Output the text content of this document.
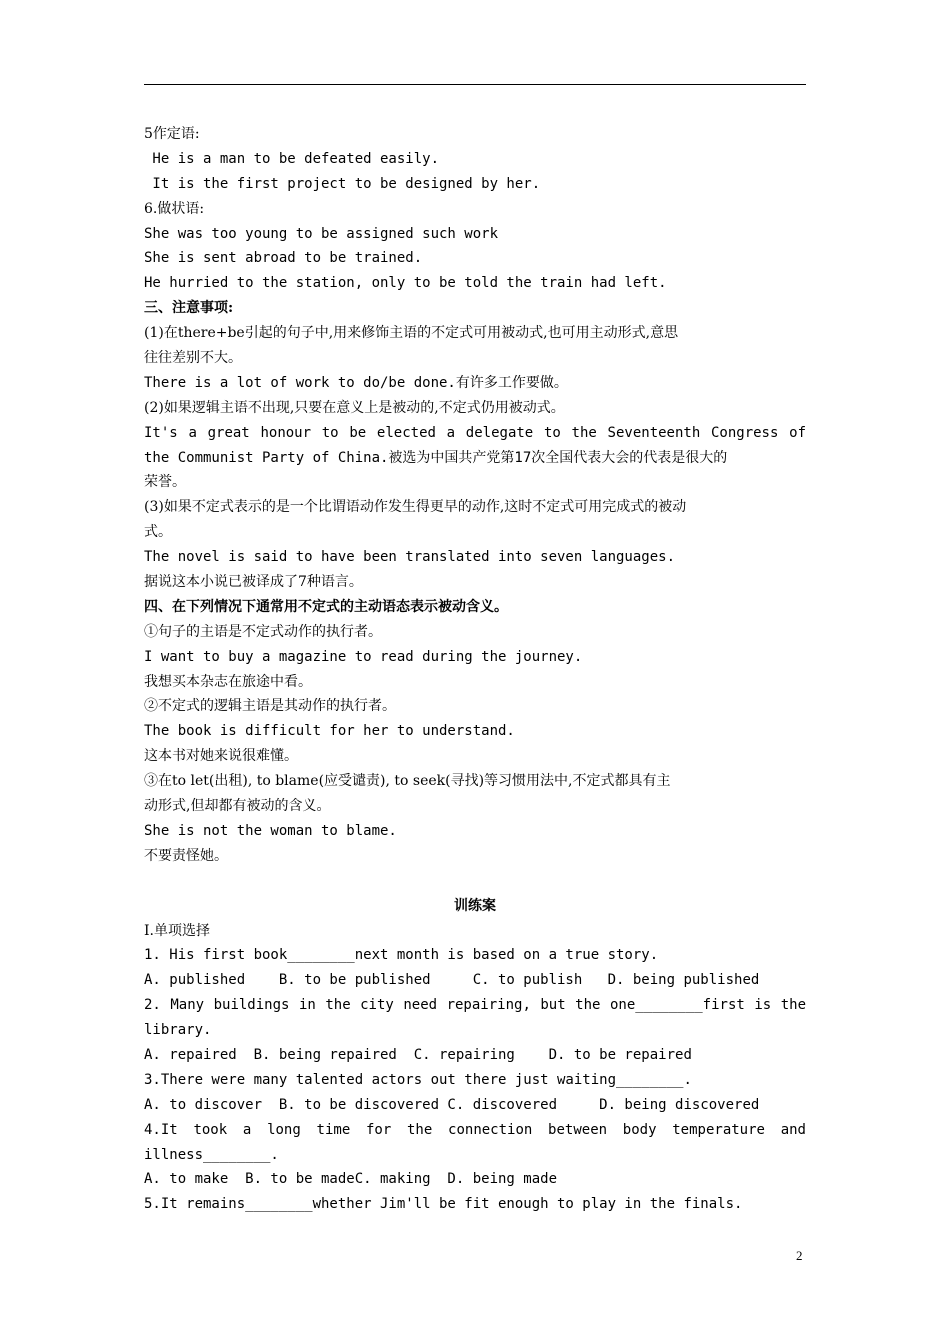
5作定语:
He is a man to be defeated easily.
It is the first project to be designed by her.
6.做状语:
She was too young to be assigned such work
She is sent abroad to be trained.
He hurried to the station, only to be told the train had left.
三、注意事项:
(1)在there+be引起的句子中,用来修饰主语的不定式可用被动式,也可用主动形式,意思
往往差别不大。
There is a lot of work to do/be done.有许多工作要做。
(2)如果逻辑主语不出现,只要在意义上是被动的,不定式仍用被动式。
It's a great honour to be elected a delegate to the Seventeenth Congress of
the Communist Party of China.被选为中国共产党第17次全国代表大会的代表是很大的
荣誉。
(3)如果不定式表示的是一个比谓语动作发生得更早的动作,这时不定式可用完成式的被动
式。
The novel is said to have been translated into seven languages.
据说这本小说已被译成了7种语言。
四、在下列情况下通常用不定式的主动语态表示被动含义。
①句子的主语是不定式动作的执行者。
I want to buy a magazine to read during the journey.
我想买本杂志在旅途中看。
②不定式的逻辑主语是其动作的执行者。
The book is difficult for her to understand.
这本书对她来说很难懂。
③在to let(出租), to blame(应受谴责), to seek(寻找)等习惯用法中,不定式都具有主
动形式,但却都有被动的含义。
She is not the woman to blame.
不要责怪她。
训练案
I.单项选择
1. His first book________next month is based on a true story.
A. published    B. to be published     C. to publish   D. being published
2. Many buildings in the city need repairing, but the one________first is the
library.
A. repaired  B. being repaired  C. repairing    D. to be repaired
3.There were many talented actors out there just waiting________.
A. to discover  B. to be discovered C. discovered     D. being discovered
4.It took a long time for the connection between body temperature and
illness________.
A. to make  B. to be madeC. making  D. being made
5.It remains________whether Jim'll be fit enough to play in the finals.
2
